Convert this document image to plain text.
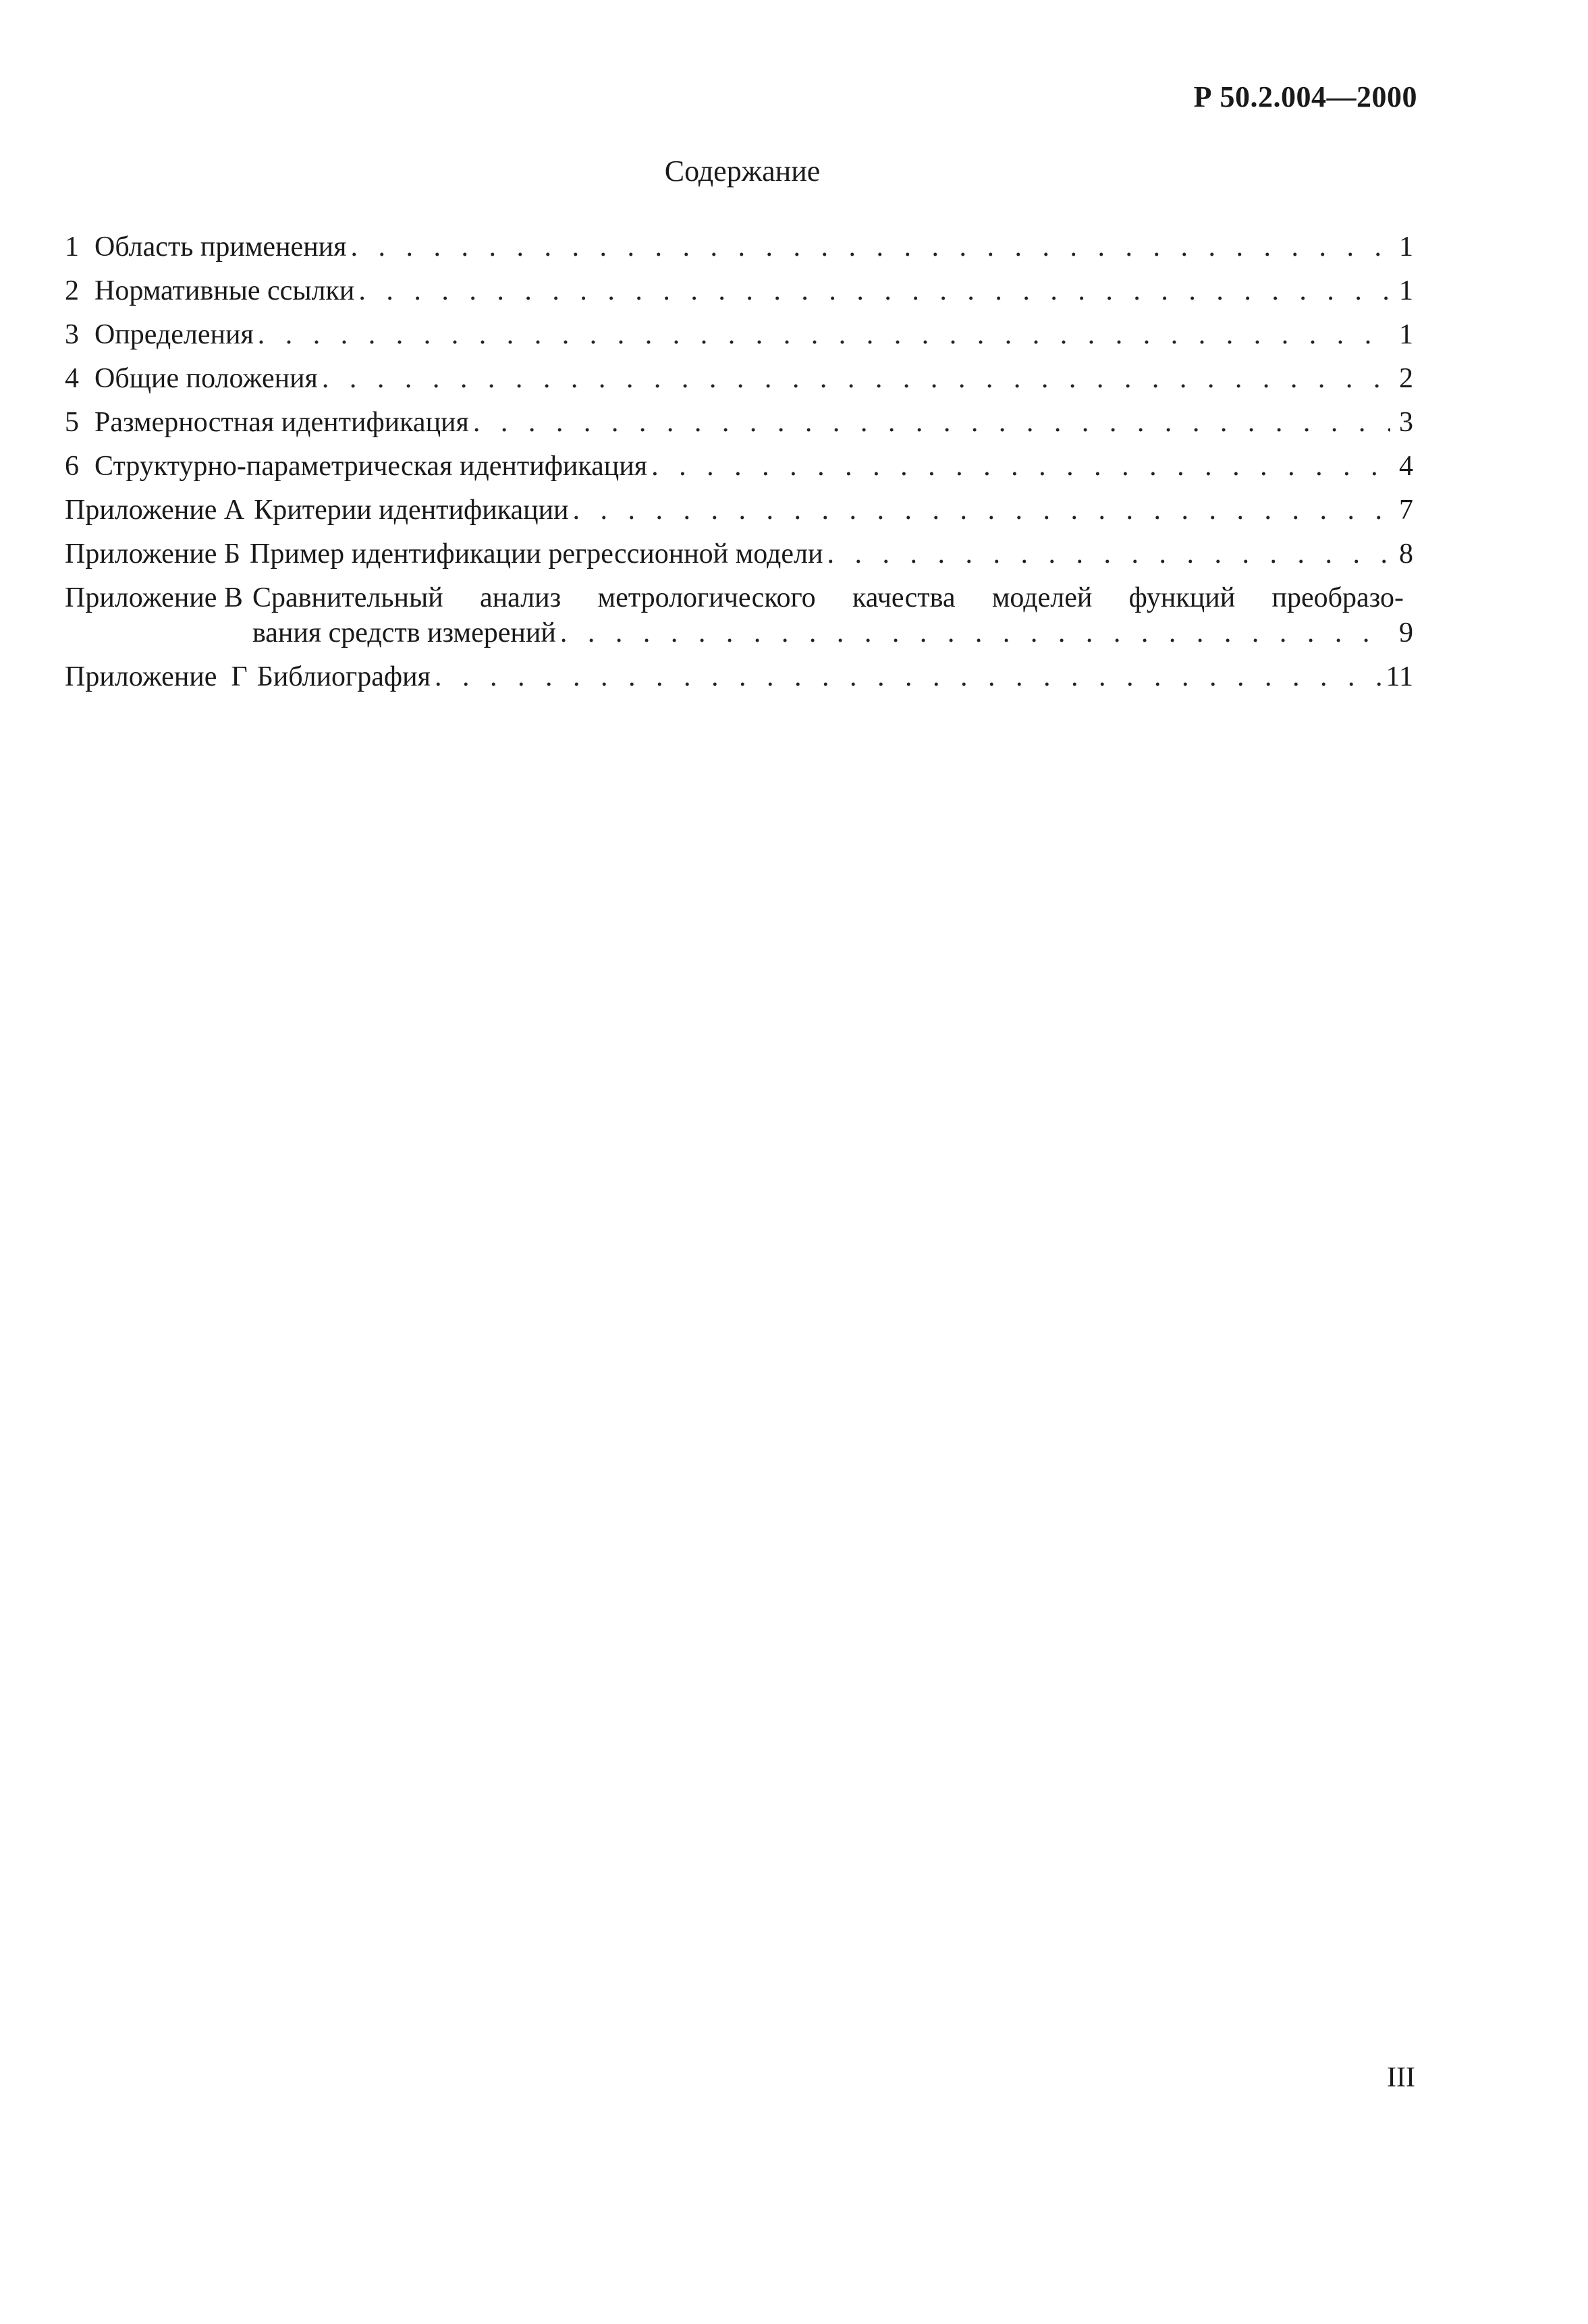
Р 50.2.004—2000
Содержание
1 Область применения . . .	1
2 Нормативные ссылки . . .	1
3 Определения . . .	1
4 Общие положения . . .	2
5 Размерностная идентификация . . .	3
6 Структурно-параметрическая идентификация . . .	4
Приложение А Критерии идентификации . . .	7
Приложение Б Пример идентификации регрессионной модели . . .	8
Приложение В Сравнительный анализ метрологического качества моделей функций преобразо-
вания средств измерений . . .	9
Приложение  Г Библиография . . .	11
III
